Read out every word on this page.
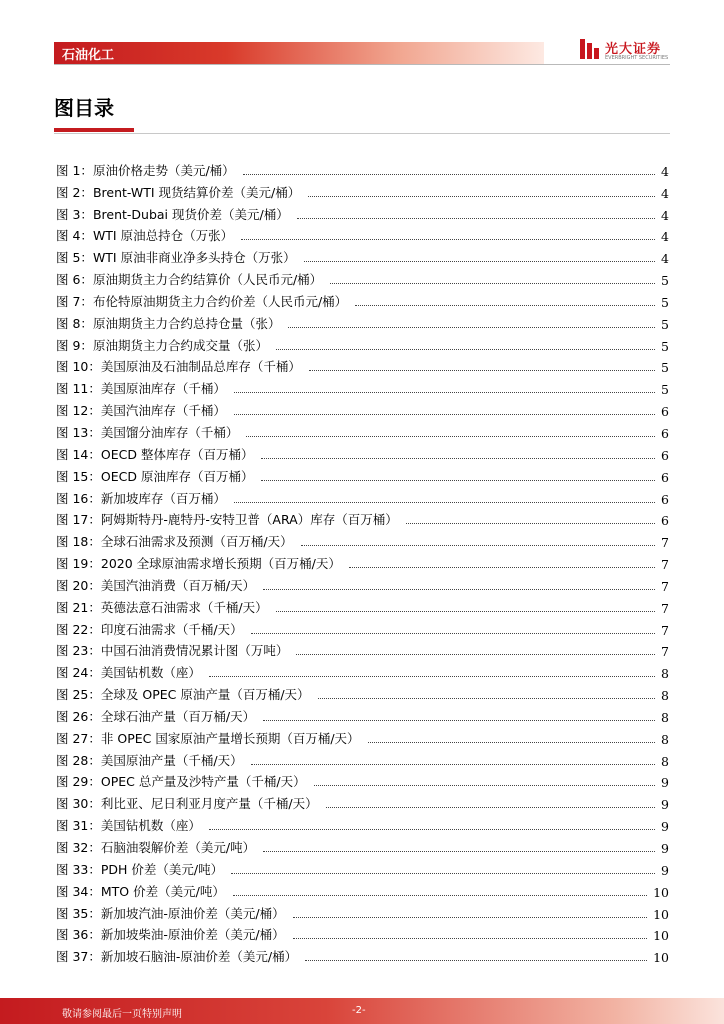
石油化工	光大证券
EVERBRIGHT SECURITIES
图目录
图 1： 原油价格走势（美元/桶）	4
图 2： Brent-WTI 现货结算价差（美元/桶）	4
图 3： Brent-Dubai 现货价差（美元/桶）	4
图 4： WTI 原油总持仓（万张）	4
图 5： WTI 原油非商业净多头持仓（万张）	4
图 6： 原油期货主力合约结算价（人民币元/桶）	5
图 7： 布伦特原油期货主力合约价差（人民币元/桶）	5
图 8： 原油期货主力合约总持仓量（张）	5
图 9： 原油期货主力合约成交量（张）	5
图 10： 美国原油及石油制品总库存（千桶）	5
图 11： 美国原油库存（千桶）	5
图 12： 美国汽油库存（千桶）	6
图 13： 美国馏分油库存（千桶）	6
图 14： OECD 整体库存（百万桶）	6
图 15： OECD 原油库存（百万桶）	6
图 16： 新加坡库存（百万桶）	6
图 17： 阿姆斯特丹-鹿特丹-安特卫普（ARA）库存（百万桶）	6
图 18： 全球石油需求及预测（百万桶/天）	7
图 19： 2020 全球原油需求增长预期（百万桶/天）	7
图 20： 美国汽油消费（百万桶/天）	7
图 21： 英德法意石油需求（千桶/天）	7
图 22： 印度石油需求（千桶/天）	7
图 23： 中国石油消费情况累计图（万吨）	7
图 24： 美国钻机数（座）	8
图 25： 全球及 OPEC 原油产量（百万桶/天）	8
图 26： 全球石油产量（百万桶/天）	8
图 27： 非 OPEC 国家原油产量增长预期（百万桶/天）	8
图 28： 美国原油产量（千桶/天）	8
图 29： OPEC 总产量及沙特产量（千桶/天）	9
图 30： 利比亚、尼日利亚月度产量（千桶/天）	9
图 31： 美国钻机数（座）	9
图 32： 石脑油裂解价差（美元/吨）	9
图 33： PDH 价差（美元/吨）	9
图 34： MTO 价差（美元/吨）	10
图 35： 新加坡汽油-原油价差（美元/桶）	10
图 36： 新加坡柴油-原油价差（美元/桶）	10
图 37： 新加坡石脑油-原油价差（美元/桶）	10
敬请参阅最后一页特别声明	-2-
